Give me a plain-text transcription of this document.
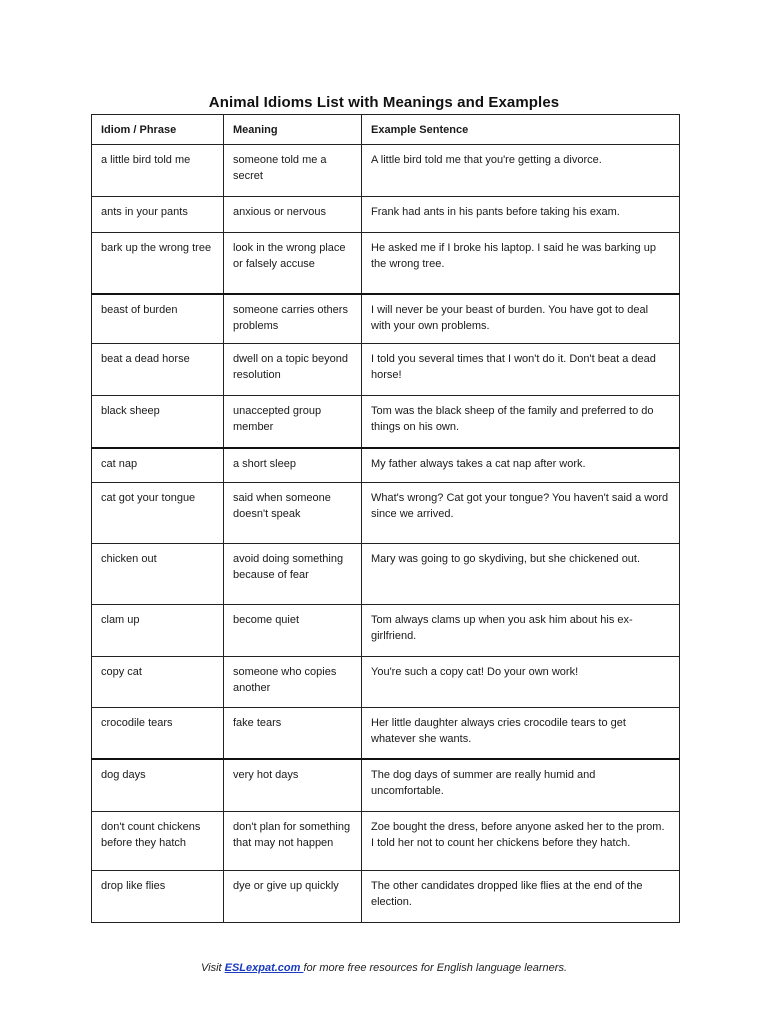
Animal Idioms List with Meanings and Examples
Idiom / Phrase	Meaning	Example Sentence
a little bird told me	someone told me a secret	A little bird told me that you're getting a divorce.
ants in your pants	anxious or nervous	Frank had ants in his pants before taking his exam.
bark up the wrong tree	look in the wrong place or falsely accuse	He asked me if I broke his laptop. I said he was barking up the wrong tree.
beast of burden	someone carries others problems	I will never be your beast of burden. You have got to deal with your own problems.
beat a dead horse	dwell on a topic beyond resolution	I told you several times that I won't do it. Don't beat a dead horse!
black sheep	unaccepted group member	Tom was the black sheep of the family and preferred to do things on his own.
cat nap	a short sleep	My father always takes a cat nap after work.
cat got your tongue	said when someone doesn't speak	What's wrong? Cat got your tongue? You haven't said a word since we arrived.
chicken out	avoid doing something because of fear	Mary was going to go skydiving, but she chickened out.
clam up	become quiet	Tom always clams up when you ask him about his ex-girlfriend.
copy cat	someone who copies another	You're such a copy cat! Do your own work!
crocodile tears	fake tears	Her little daughter always cries crocodile tears to get whatever she wants.
dog days	very hot days	The dog days of summer are really humid and uncomfortable.
don't count chickens before they hatch	don't plan for something that may not happen	Zoe bought the dress, before anyone asked her to the prom. I told her not to count her chickens before they hatch.
drop like flies	dye or give up quickly	The other candidates dropped like flies at the end of the election.
Visit ESLexpat.com for more free resources for English language learners.
